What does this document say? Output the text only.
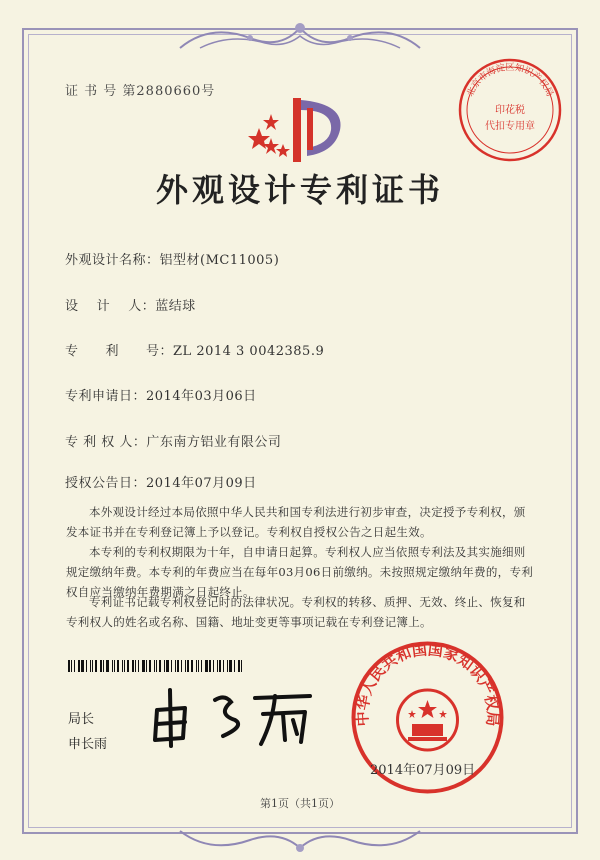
证 书 号 第2880660号	北京市海淀区知识产权局
印花税
代扣专用章
外观设计专利证书
外观设计名称：铝型材(MC11005)
设　 计　 人：蓝结球
专　　利　　号：ZL 2014 3 0042385.9
专利申请日：2014年03月06日
专 利 权 人：广东南方铝业有限公司
授权公告日：2014年07月09日
本外观设计经过本局依照中华人民共和国专利法进行初步审查，决定授予专利权，颁发本证书并在专利登记簿上予以登记。专利权自授权公告之日起生效。
本专利的专利权期限为十年，自申请日起算。专利权人应当依照专利法及其实施细则规定缴纳年费。本专利的年费应当在每年03月06日前缴纳。未按照规定缴纳年费的，专利权自应当缴纳年费期满之日起终止。
专利证书记载专利权登记时的法律状况。专利权的转移、质押、无效、终止、恢复和专利权人的姓名或名称、国籍、地址变更等事项记载在专利登记簿上。
局长
申长雨
中华人民共和国国家知识产权局
2014年07月09日
第1页（共1页）
